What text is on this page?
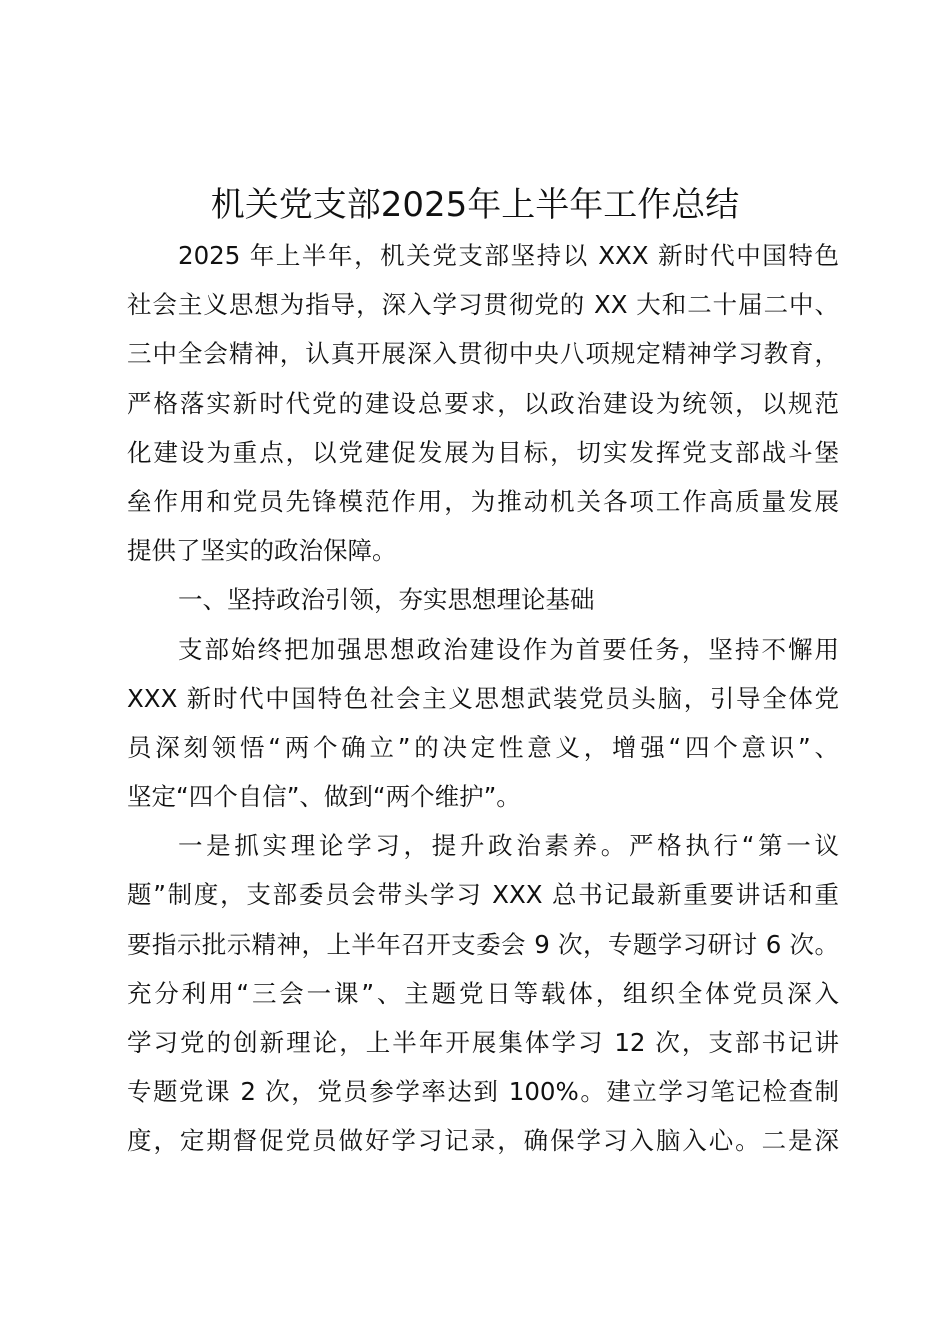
机关党支部2025年上半年工作总结
2025 年上半年，机关党支部坚持以 XXX 新时代中国特色
社会主义思想为指导，深入学习贯彻党的 XX 大和二十届二中、
三中全会精神，认真开展深入贯彻中央八项规定精神学习教育，
严格落实新时代党的建设总要求，以政治建设为统领，以规范
化建设为重点，以党建促发展为目标，切实发挥党支部战斗堡
垒作用和党员先锋模范作用，为推动机关各项工作高质量发展
提供了坚实的政治保障。
一、坚持政治引领，夯实思想理论基础
支部始终把加强思想政治建设作为首要任务，坚持不懈用
XXX 新时代中国特色社会主义思想武装党员头脑，引导全体党
员深刻领悟“两个确立”的决定性意义，增强“四个意识”、
坚定“四个自信”、做到“两个维护”。
一是抓实理论学习，提升政治素养。严格执行“第一议
题”制度，支部委员会带头学习 XXX 总书记最新重要讲话和重
要指示批示精神，上半年召开支委会 9 次，专题学习研讨 6 次。
充分利用“三会一课”、主题党日等载体，组织全体党员深入
学习党的创新理论，上半年开展集体学习 12 次，支部书记讲
专题党课 2 次，党员参学率达到 100%。建立学习笔记检查制
度，定期督促党员做好学习记录，确保学习入脑入心。二是深
